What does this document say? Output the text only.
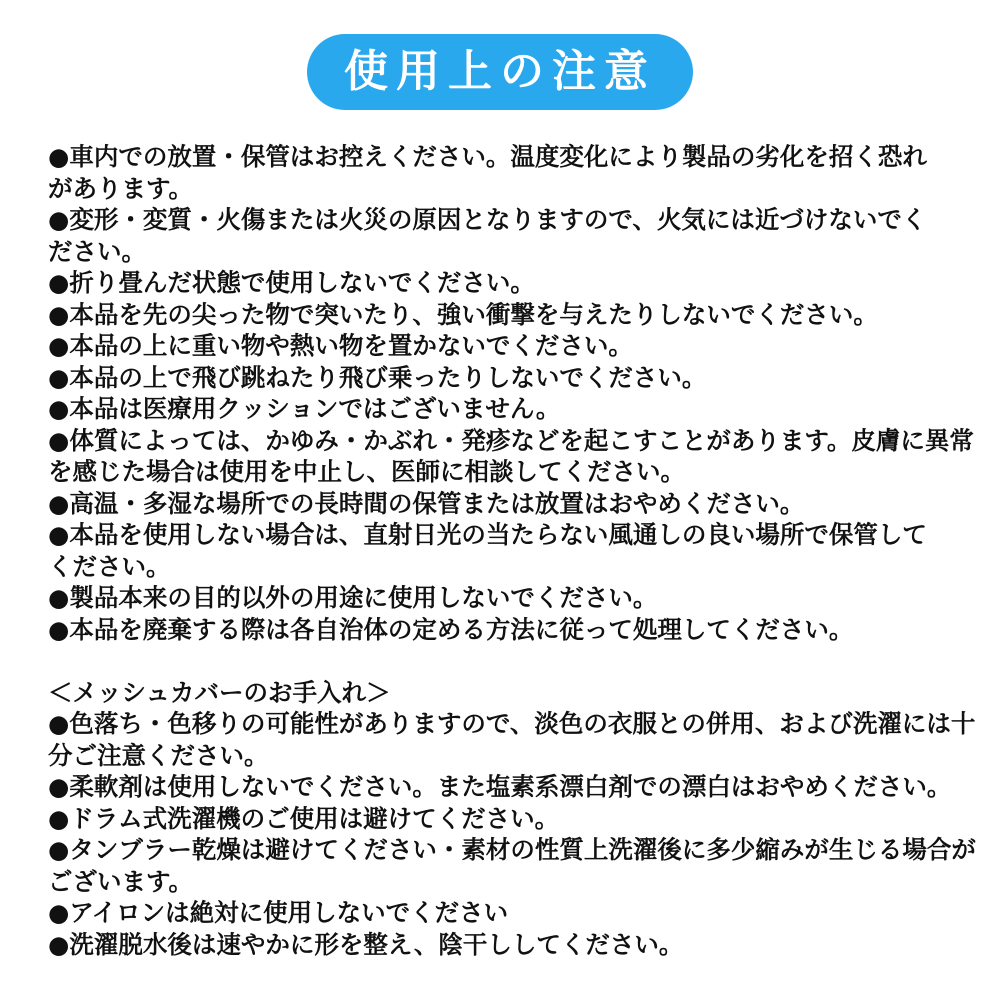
使用上の注意
●車内での放置・保管はお控えください。温度変化により製品の劣化を招く恐れ
があります。
●変形・変質・火傷または火災の原因となりますので、火気には近づけないでく
ださい。
●折り畳んだ状態で使用しないでください。
●本品を先の尖った物で突いたり、強い衝撃を与えたりしないでください。
●本品の上に重い物や熱い物を置かないでください。
●本品の上で飛び跳ねたり飛び乗ったりしないでください。
●本品は医療用クッションではございません。
●体質によっては、かゆみ・かぶれ・発疹などを起こすことがあります。皮膚に異常
を感じた場合は使用を中止し、医師に相談してください。
●高温・多湿な場所での長時間の保管または放置はおやめください。
●本品を使用しない場合は、直射日光の当たらない風通しの良い場所で保管して
ください。
●製品本来の目的以外の用途に使用しないでください。
●本品を廃棄する際は各自治体の定める方法に従って処理してください。
＜メッシュカバーのお手入れ＞
●色落ち・色移りの可能性がありますので、淡色の衣服との併用、および洗濯には十
分ご注意ください。
●柔軟剤は使用しないでください。また塩素系漂白剤での漂白はおやめください。
●ドラム式洗濯機のご使用は避けてください。
●タンブラー乾燥は避けてください・素材の性質上洗濯後に多少縮みが生じる場合が
ございます。
●アイロンは絶対に使用しないでください
●洗濯脱水後は速やかに形を整え、陰干ししてください。
